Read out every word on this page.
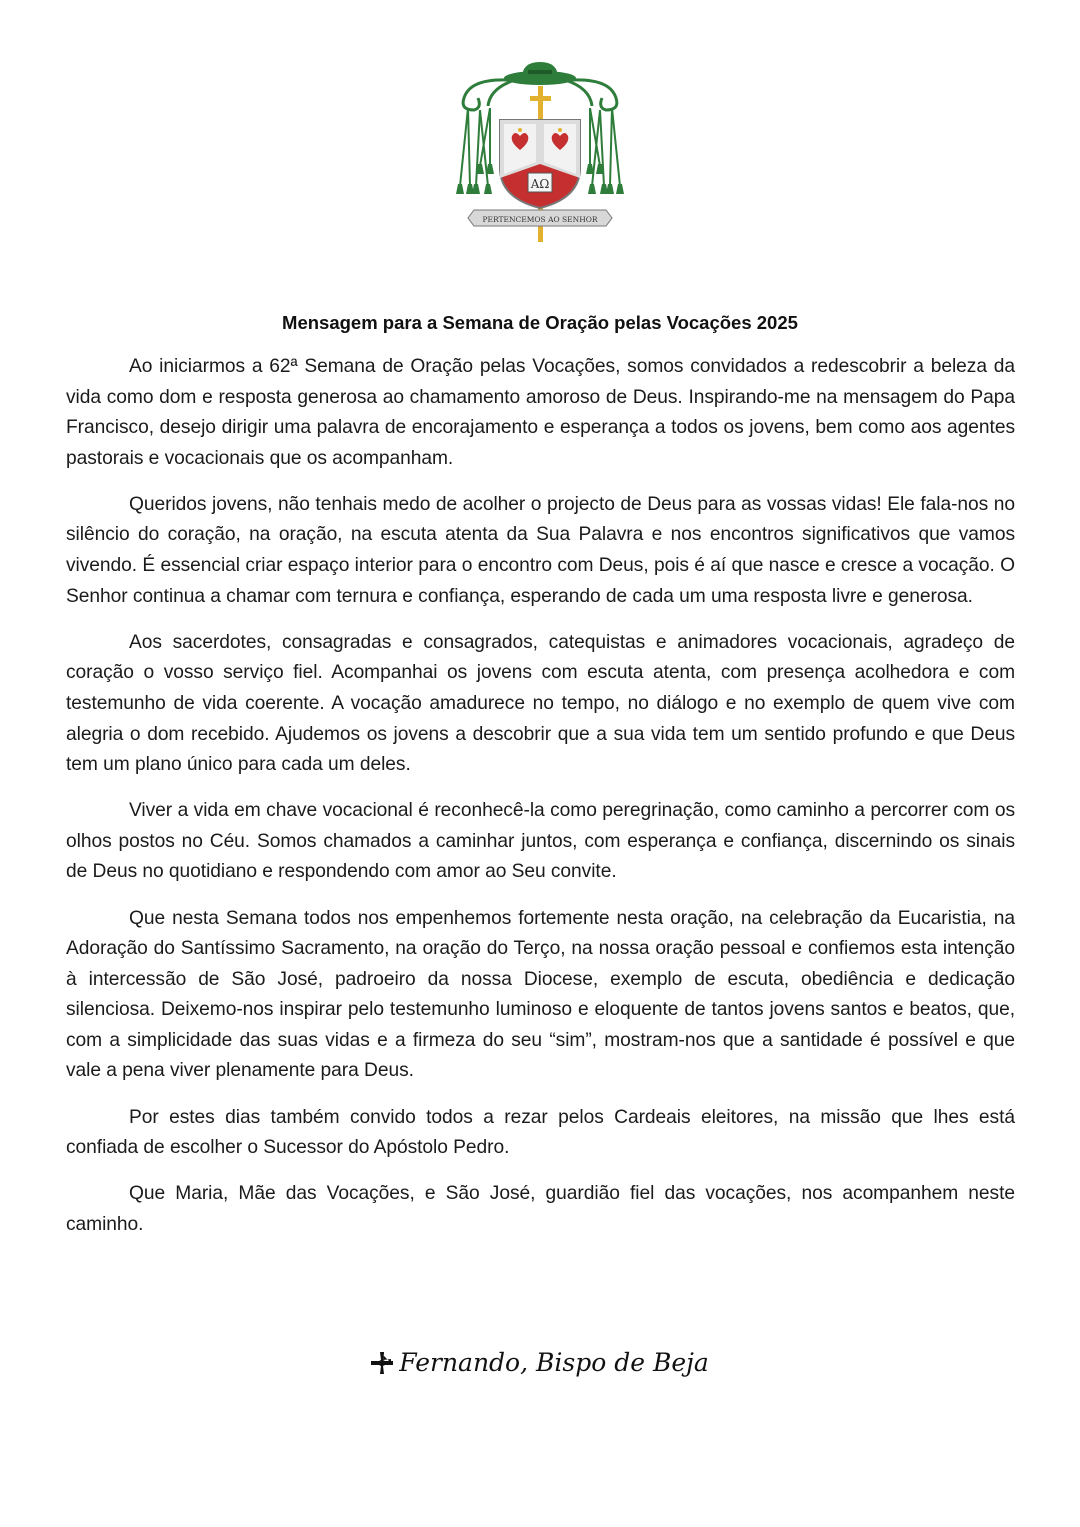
AΩ
PERTENCEMOS AO SENHOR
Mensagem para a Semana de Oração pelas Vocações 2025

Ao iniciarmos a 62ª Semana de Oração pelas Vocações, somos convidados a redescobrir a beleza da vida como dom e resposta generosa ao chamamento amoroso de Deus. Inspirando-me na mensagem do Papa Francisco, desejo dirigir uma palavra de encorajamento e esperança a todos os jovens, bem como aos agentes pastorais e vocacionais que os acompanham.

Queridos jovens, não tenhais medo de acolher o projecto de Deus para as vossas vidas! Ele fala-nos no silêncio do coração, na oração, na escuta atenta da Sua Palavra e nos encontros significativos que vamos vivendo. É essencial criar espaço interior para o encontro com Deus, pois é aí que nasce e cresce a vocação. O Senhor continua a chamar com ternura e confiança, esperando de cada um uma resposta livre e generosa.

Aos sacerdotes, consagradas e consagrados, catequistas e animadores vocacionais, agradeço de coração o vosso serviço fiel. Acompanhai os jovens com escuta atenta, com presença acolhedora e com testemunho de vida coerente. A vocação amadurece no tempo, no diálogo e no exemplo de quem vive com alegria o dom recebido. Ajudemos os jovens a descobrir que a sua vida tem um sentido profundo e que Deus tem um plano único para cada um deles.

Viver a vida em chave vocacional é reconhecê-la como peregrinação, como caminho a percorrer com os olhos postos no Céu. Somos chamados a caminhar juntos, com esperança e confiança, discernindo os sinais de Deus no quotidiano e respondendo com amor ao Seu convite.

Que nesta Semana todos nos empenhemos fortemente nesta oração, na celebração da Eucaristia, na Adoração do Santíssimo Sacramento, na oração do Terço, na nossa oração pessoal e confiemos esta intenção à intercessão de São José, padroeiro da nossa Diocese, exemplo de escuta, obediência e dedicação silenciosa. Deixemo-nos inspirar pelo testemunho luminoso e eloquente de tantos jovens santos e beatos, que, com a simplicidade das suas vidas e a firmeza do seu “sim”, mostram-nos que a santidade é possível e que vale a pena viver plenamente para Deus.

Por estes dias também convido todos a rezar pelos Cardeais eleitores, na missão que lhes está confiada de escolher o Sucessor do Apóstolo Pedro.

Que Maria, Mãe das Vocações, e São José, guardião fiel das vocações, nos acompanhem neste caminho.

Fernando, Bispo de Beja
